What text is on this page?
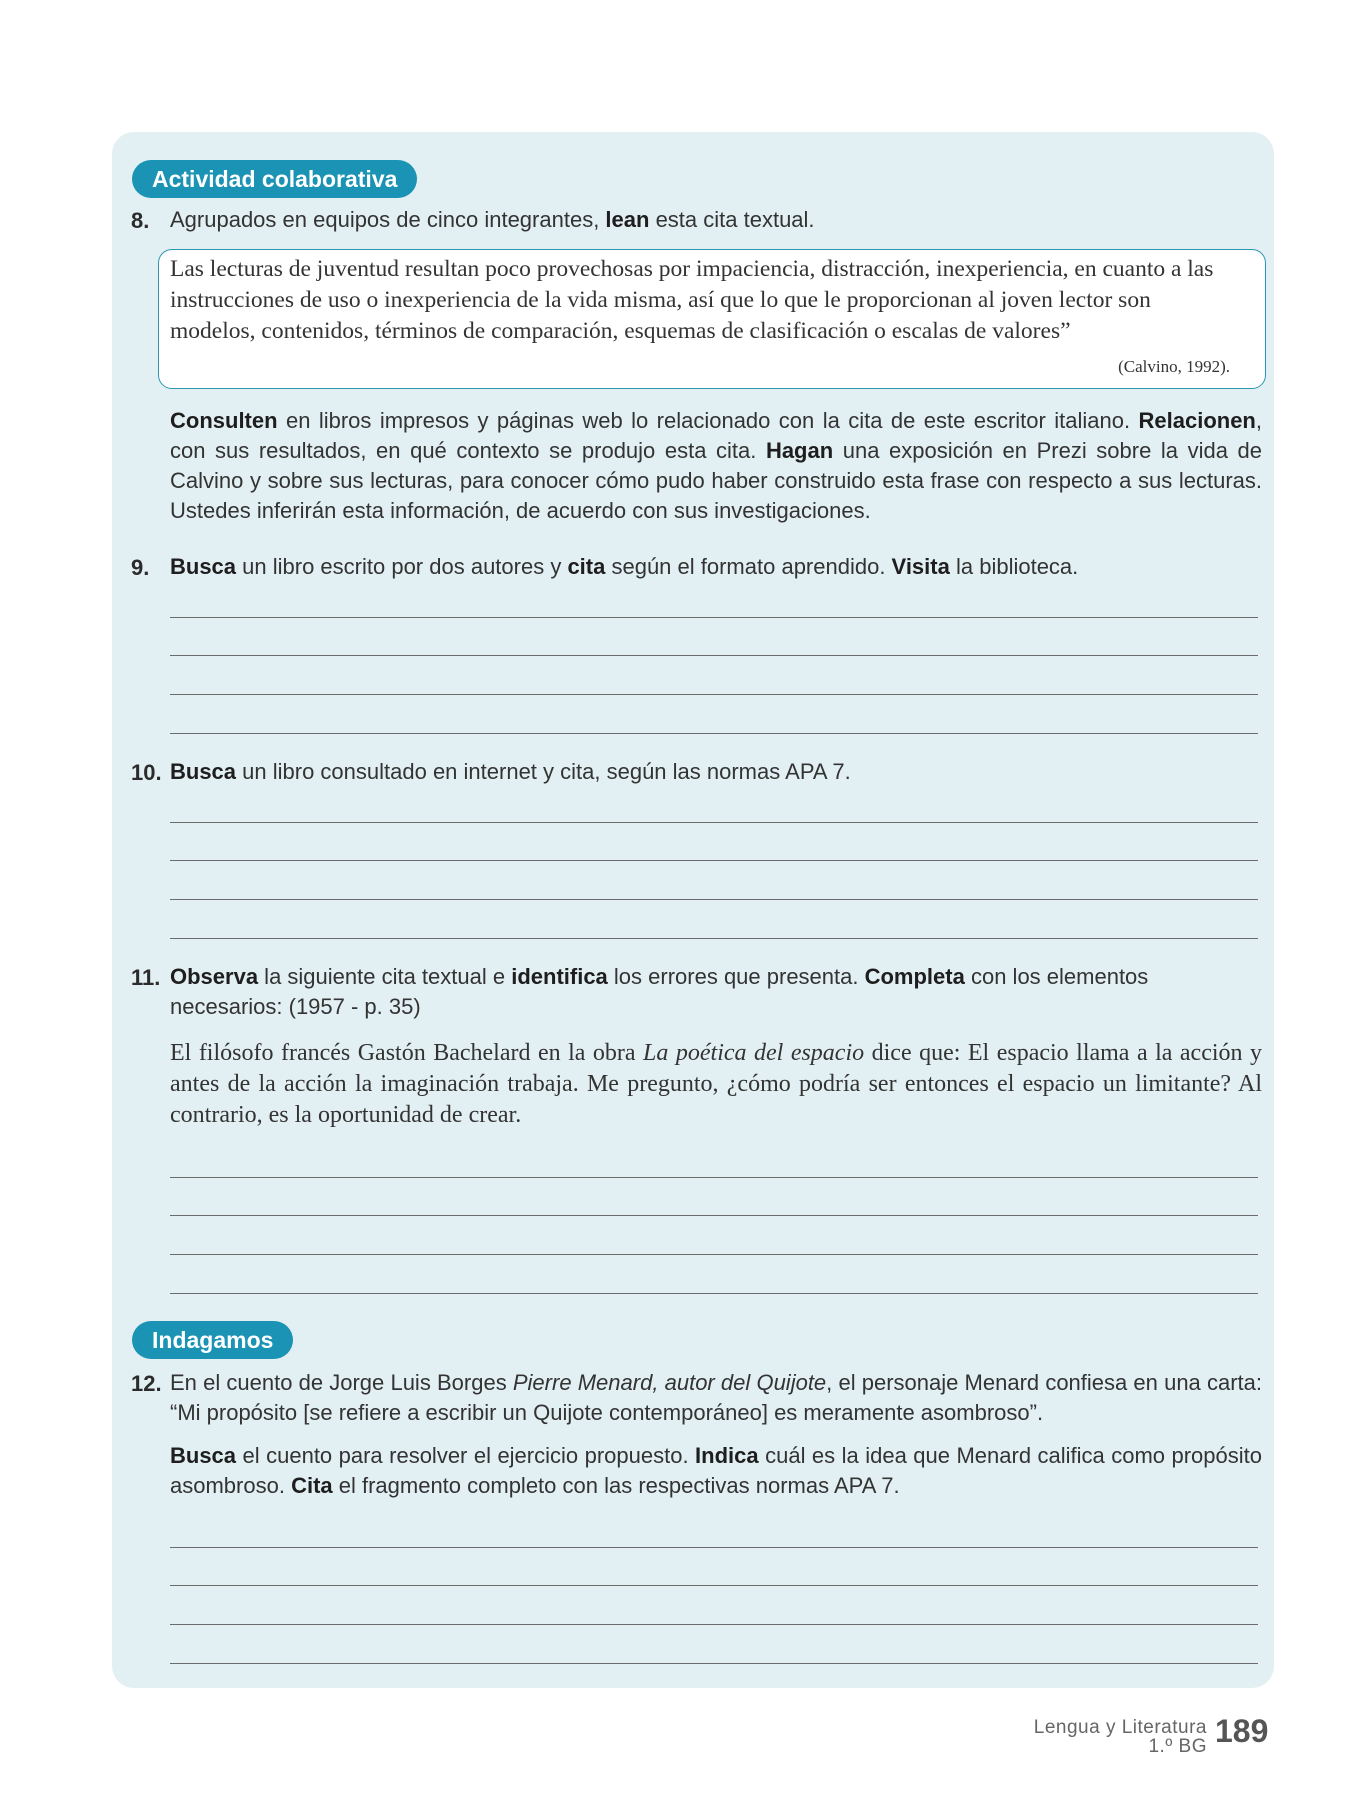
Actividad colaborativa
8. Agrupados en equipos de cinco integrantes, lean esta cita textual.
Las lecturas de juventud resultan poco provechosas por impaciencia, distracción, inexperiencia, en cuanto a las instrucciones de uso o inexperiencia de la vida misma, así que lo que le proporcionan al joven lector son modelos, contenidos, términos de comparación, esquemas de clasificación o escalas de valores”
(Calvino, 1992).
Consulten en libros impresos y páginas web lo relacionado con la cita de este escritor italiano. Relacionen, con sus resultados, en qué contexto se produjo esta cita. Hagan una exposición en Prezi sobre la vida de Calvino y sobre sus lecturas, para conocer cómo pudo haber construido esta frase con respecto a sus lecturas. Ustedes inferirán esta información, de acuerdo con sus investigaciones.
9. Busca un libro escrito por dos autores y cita según el formato aprendido. Visita la biblioteca.
10. Busca un libro consultado en internet y cita, según las normas APA 7.
11. Observa la siguiente cita textual e identifica los errores que presenta. Completa con los elementos necesarios: (1957 - p. 35)
El filósofo francés Gastón Bachelard en la obra La poética del espacio dice que: El espacio llama a la acción y antes de la acción la imaginación trabaja. Me pregunto, ¿cómo podría ser entonces el espacio un limitante? Al contrario, es la oportunidad de crear.
Indagamos
12. En el cuento de Jorge Luis Borges Pierre Menard, autor del Quijote, el personaje Menard confiesa en una carta: “Mi propósito [se refiere a escribir un Quijote contemporáneo] es meramente asombroso”.
Busca el cuento para resolver el ejercicio propuesto. Indica cuál es la idea que Menard califica como propósito asombroso. Cita el fragmento completo con las respectivas normas APA 7.
Lengua y Literatura
1.º BG 189
